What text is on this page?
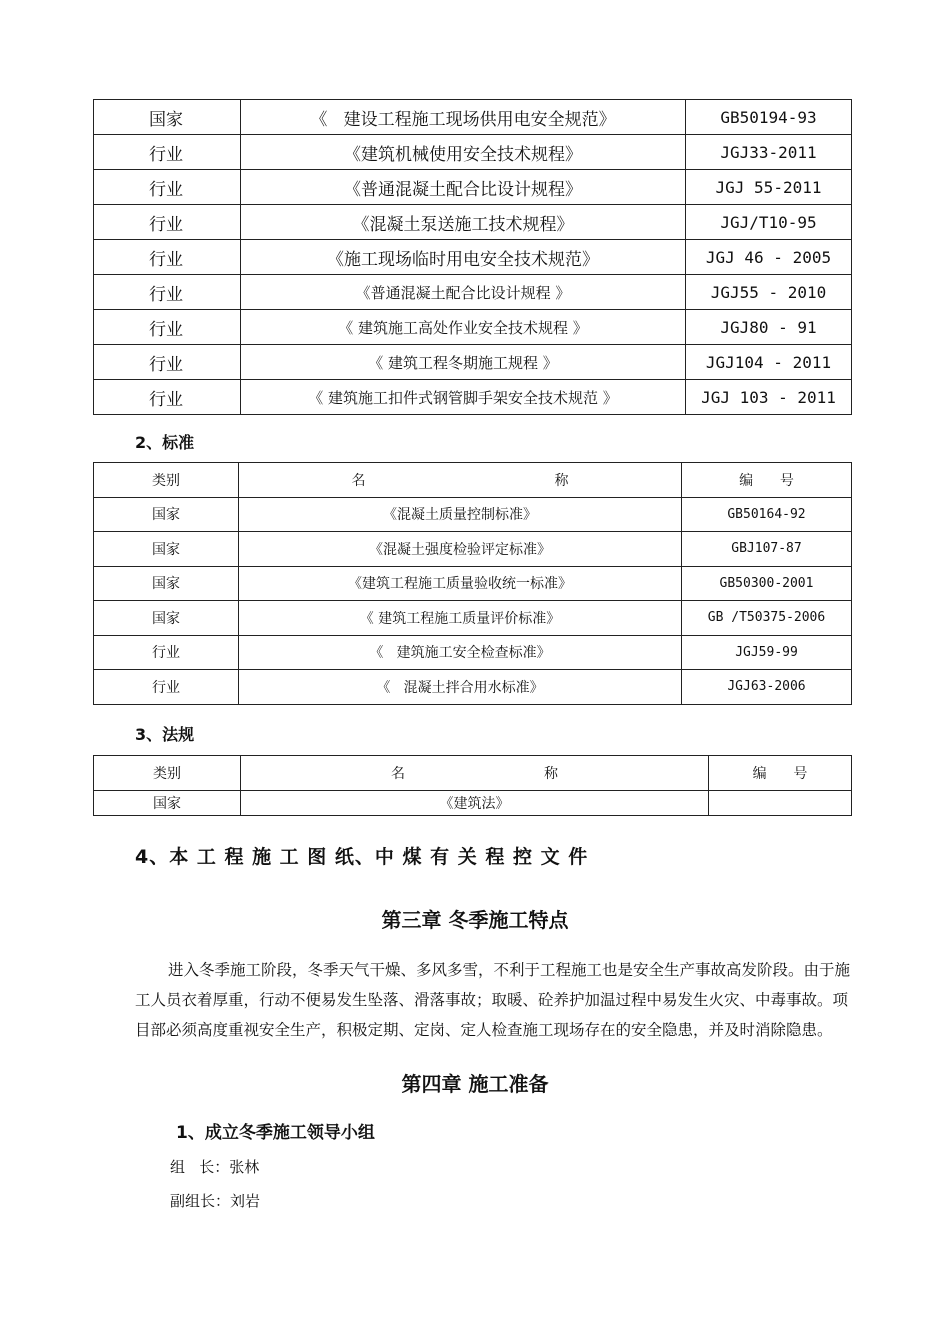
国家	《   建设工程施工现场供用电安全规范》	GB50194-93
行业	《建筑机械使用安全技术规程》	JGJ33-2011
行业	《普通混凝土配合比设计规程》	JGJ 55-2011
行业	《混凝土泵送施工技术规程》	JGJ/T10-95
行业	《施工现场临时用电安全技术规范》	JGJ 46 - 2005
行业	《普通混凝土配合比设计规程 》	JGJ55 - 2010
行业	《 建筑施工高处作业安全技术规程 》	JGJ80 - 91
行业	《 建筑工程冬期施工规程 》	JGJ104 - 2011
行业	《 建筑施工扣件式钢管脚手架安全技术规范 》	JGJ 103 - 2011
2、标准
类别	名 称	编      号
国家	《混凝土质量控制标准》	GB50164-92
国家	《混凝土强度检验评定标准》	GBJ107-87
国家	《建筑工程施工质量验收统一标准》	GB50300-2001
国家	《 建筑工程施工质量评价标准》	GB /T50375-2006
行业	《   建筑施工安全检查标准》	JGJ59-99
行业	《   混凝土拌合用水标准》	JGJ63-2006
3、法规
类别	名 称	编      号
国家	《建筑法》	
4、本 工 程 施 工 图 纸、中 煤 有 关 程 控 文 件
第三章 冬季施工特点
进入冬季施工阶段，冬季天气干燥、多风多雪，不利于工程施工也是安全生产事故高发阶段。由于施工人员衣着厚重，行动不便易发生坠落、滑落事故；取暖、砼养护加温过程中易发生火灾、中毒事故。项目部必须高度重视安全生产，积极定期、定岗、定人检查施工现场存在的安全隐患，并及时消除隐患。
第四章 施工准备
1、成立冬季施工领导小组
组   长：张林
副组长：刘岩
